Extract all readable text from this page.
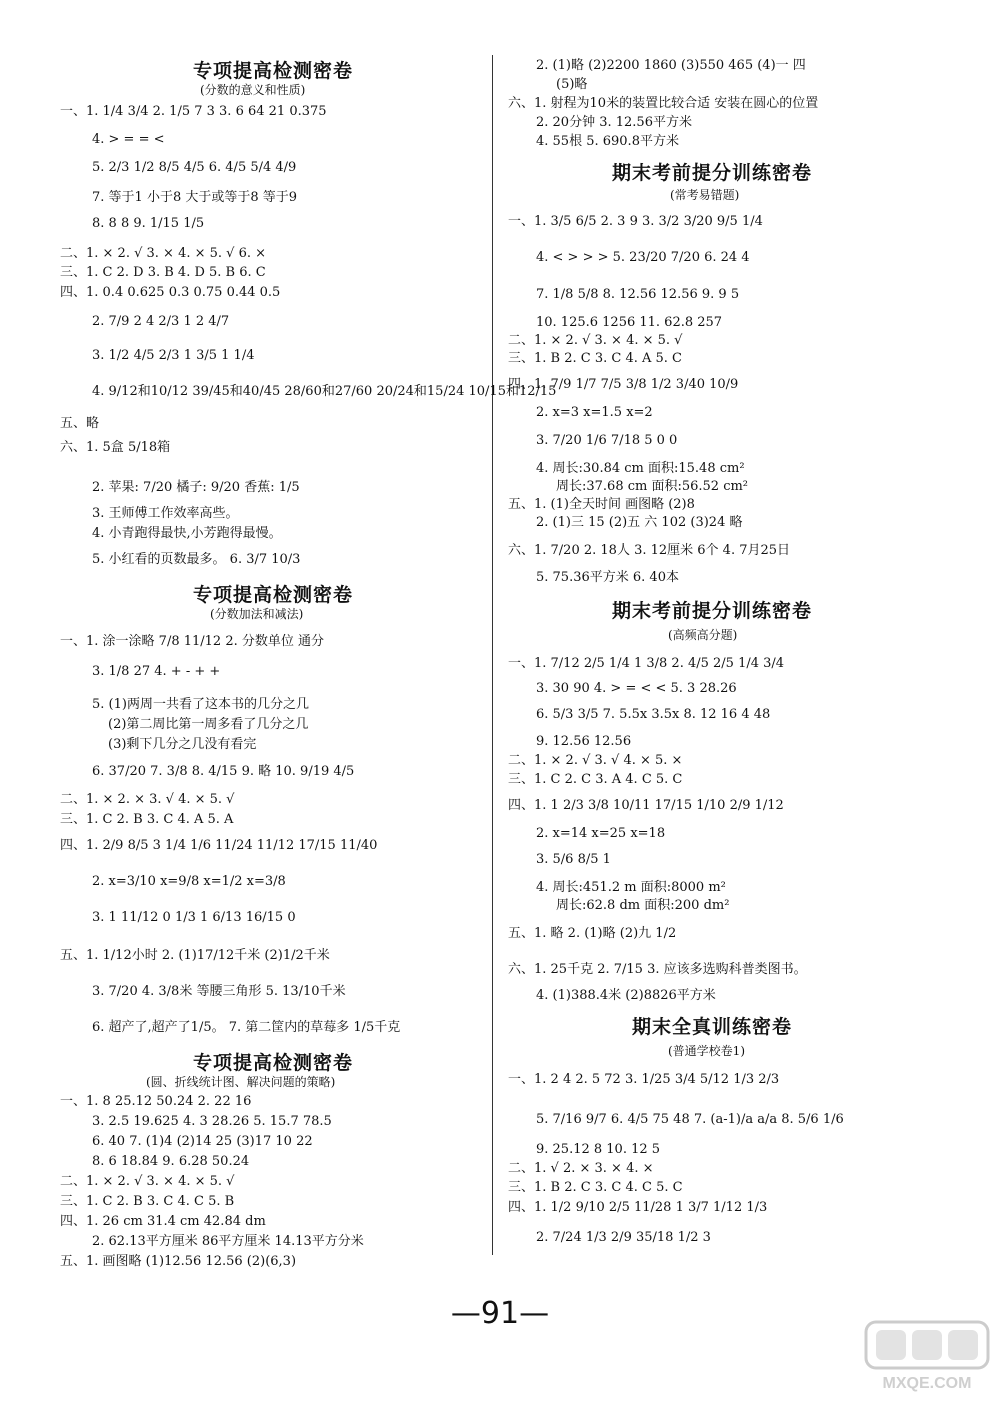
专项提高检测密卷
(分数的意义和性质)
一、1. 1/4 3/4 2. 1/5 7 3 3. 6 64 21 0.375
4. > = = <
5. 2/3 1/2 8/5 4/5 6. 4/5 5/4 4/9
7. 等于1 小于8 大于或等于8 等于9
8. 8 8 9. 1/15 1/5
二、1. × 2. √ 3. × 4. × 5. √ 6. ×
三、1. C 2. D 3. B 4. D 5. B 6. C
四、1. 0.4 0.625 0.3 0.75 0.44 0.5
2. 7/9 2 4 2/3 1 2 4/7
3. 1/2 4/5 2/3 1 3/5 1 1/4
4. 9/12和10/12 39/45和40/45 28/60和27/60 20/24和15/24 10/15和12/15
五、略
六、1. 5盒 5/18箱
2. 苹果: 7/20 橘子: 9/20 香蕉: 1/5
3. 王师傅工作效率高些。
4. 小青跑得最快,小芳跑得最慢。
5. 小红看的页数最多。 6. 3/7 10/3
专项提高检测密卷
(分数加法和减法)
一、1. 涂一涂略 7/8 11/12 2. 分数单位 通分
3. 1/8 27 4. + - + +
5. (1)两周一共看了这本书的几分之几
(2)第二周比第一周多看了几分之几
(3)剩下几分之几没有看完
6. 37/20 7. 3/8 8. 4/15 9. 略 10. 9/19 4/5
二、1. × 2. × 3. √ 4. × 5. √
三、1. C 2. B 3. C 4. A 5. A
四、1. 2/9 8/5 3 1/4 1/6 11/24 11/12 17/15 11/40
2. x=3/10 x=9/8 x=1/2 x=3/8
3. 1 11/12 0 1/3 1 6/13 16/15 0
五、1. 1/12小时 2. (1)17/12千米 (2)1/2千米
3. 7/20 4. 3/8米 等腰三角形 5. 13/10千米
6. 超产了,超产了1/5。 7. 第二筐内的草莓多 1/5千克
专项提高检测密卷
(圆、折线统计图、解决问题的策略)
一、1. 8 25.12 50.24 2. 22 16
3. 2.5 19.625 4. 3 28.26 5. 15.7 78.5
6. 40 7. (1)4 (2)14 25 (3)17 10 22
8. 6 18.84 9. 6.28 50.24
二、1. × 2. √ 3. × 4. × 5. √
三、1. C 2. B 3. C 4. C 5. B
四、1. 26 cm 31.4 cm 42.84 dm
2. 62.13平方厘米 86平方厘米 14.13平方分米
五、1. 画图略 (1)12.56 12.56 (2)(6,3)
2. (1)略 (2)2200 1860 (3)550 465 (4)一 四
(5)略
六、1. 射程为10米的装置比较合适 安装在圆心的位置
2. 20分钟 3. 12.56平方米
4. 55根 5. 690.8平方米
期末考前提分训练密卷
(常考易错题)
一、1. 3/5 6/5 2. 3 9 3. 3/2 3/20 9/5 1/4
4. < > > > 5. 23/20 7/20 6. 24 4
7. 1/8 5/8 8. 12.56 12.56 9. 9 5
10. 125.6 1256 11. 62.8 257
二、1. × 2. √ 3. × 4. × 5. √
三、1. B 2. C 3. C 4. A 5. C
四、1. 7/9 1/7 7/5 3/8 1/2 3/40 10/9
2. x=3 x=1.5 x=2
3. 7/20 1/6 7/18 5 0 0
4. 周长:30.84 cm 面积:15.48 cm²
周长:37.68 cm 面积:56.52 cm²
五、1. (1)全天时间 画图略 (2)8
2. (1)三 15 (2)五 六 102 (3)24 略
六、1. 7/20 2. 18人 3. 12厘米 6个 4. 7月25日
5. 75.36平方米 6. 40本
期末考前提分训练密卷
(高频高分题)
一、1. 7/12 2/5 1/4 1 3/8 2. 4/5 2/5 1/4 3/4
3. 30 90 4. > = < < 5. 3 28.26
6. 5/3 3/5 7. 5.5x 3.5x 8. 12 16 4 48
9. 12.56 12.56
二、1. × 2. √ 3. √ 4. × 5. ×
三、1. C 2. C 3. A 4. C 5. C
四、1. 1 2/3 3/8 10/11 17/15 1/10 2/9 1/12
2. x=14 x=25 x=18
3. 5/6 8/5 1
4. 周长:451.2 m 面积:8000 m²
周长:62.8 dm 面积:200 dm²
五、1. 略 2. (1)略 (2)九 1/2
六、1. 25千克 2. 7/15 3. 应该多选购科普类图书。
4. (1)388.4米 (2)8826平方米
期末全真训练密卷
(普通学校卷1)
一、1. 2 4 2. 5 72 3. 1/25 3/4 5/12 1/3 2/3
5. 7/16 9/7 6. 4/5 75 48 7. (a-1)/a a/a 8. 5/6 1/6
9. 25.12 8 10. 12 5
二、1. √ 2. × 3. × 4. ×
三、1. B 2. C 3. C 4. C 5. C
四、1. 1/2 9/10 2/5 11/28 1 3/7 1/12 1/3
2. 7/24 1/3 2/9 35/18 1/2 3
—91—
MXQE.COM
